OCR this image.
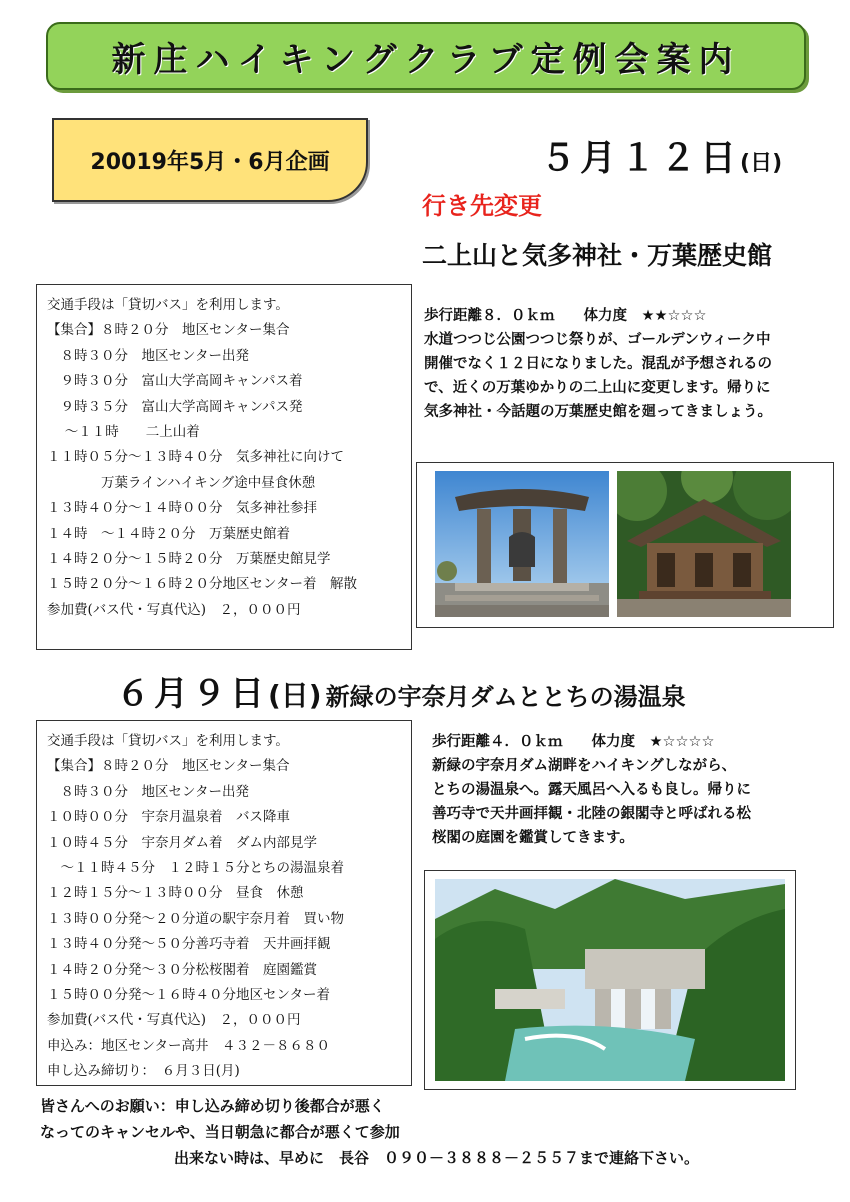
新庄ハイキングクラブ定例会案内
20019年5月・6月企画	５月１２日(日)
行き先変更
二上山と気多神社・万葉歴史館
交通手段は「貸切バス」を利用します。
【集合】８時２０分　地区センター集合
　８時３０分　地区センター出発
　９時３０分　富山大学高岡キャンパス着
　９時３５分　富山大学高岡キャンパス発
　 ～１１時　　二上山着
１１時０５分～１３時４０分　気多神社に向けて
　　　　万葉ラインハイキング途中昼食休憩
１３時４０分～１４時００分　気多神社参拝
１４時　～１４時２０分　万葉歴史館着
１４時２０分～１５時２０分　万葉歴史館見学
１５時２０分～１６時２０分地区センター着　解散
参加費(バス代・写真代込)　２，０００円
歩行距離８．０ｋｍ　　体力度　★★☆☆☆
水道つつじ公園つつじ祭りが、ゴールデンウィーク中
開催でなく１２日になりました。混乱が予想されるの
で、近くの万葉ゆかりの二上山に変更します。帰りに
気多神社・今話題の万葉歴史館を廻ってきましょう。
６月９日(日) 新緑の宇奈月ダムととちの湯温泉
交通手段は「貸切バス」を利用します。
【集合】８時２０分　地区センター集合
　８時３０分　地区センター出発
１０時００分　宇奈月温泉着　バス降車
１０時４５分　宇奈月ダム着　ダム内部見学
　～１１時４５分　１２時１５分とちの湯温泉着
１２時１５分～１３時００分　昼食　休憩
１３時００分発～２０分道の駅宇奈月着　買い物
１３時４０分発～５０分善巧寺着　天井画拝観
１４時２０分発～３０分松桜閣着　庭園鑑賞
１５時００分発～１６時４０分地区センター着
参加費(バス代・写真代込)　２，０００円
申込み：地区センター高井　４３２－８６８０
申し込み締切り：　６月３日(月)
歩行距離４．０ｋｍ　　体力度　★☆☆☆☆
新緑の宇奈月ダム湖畔をハイキングしながら、
とちの湯温泉へ。露天風呂へ入るも良し。帰りに
善巧寺で天井画拝観・北陸の銀閣寺と呼ばれる松
桜閣の庭園を鑑賞してきます。
皆さんへのお願い：申し込み締め切り後都合が悪く
なってのキャンセルや、当日朝急に都合が悪くて参加
出来ない時は、早めに　長谷　０９０－３８８８－２５５７まで連絡下さい。
